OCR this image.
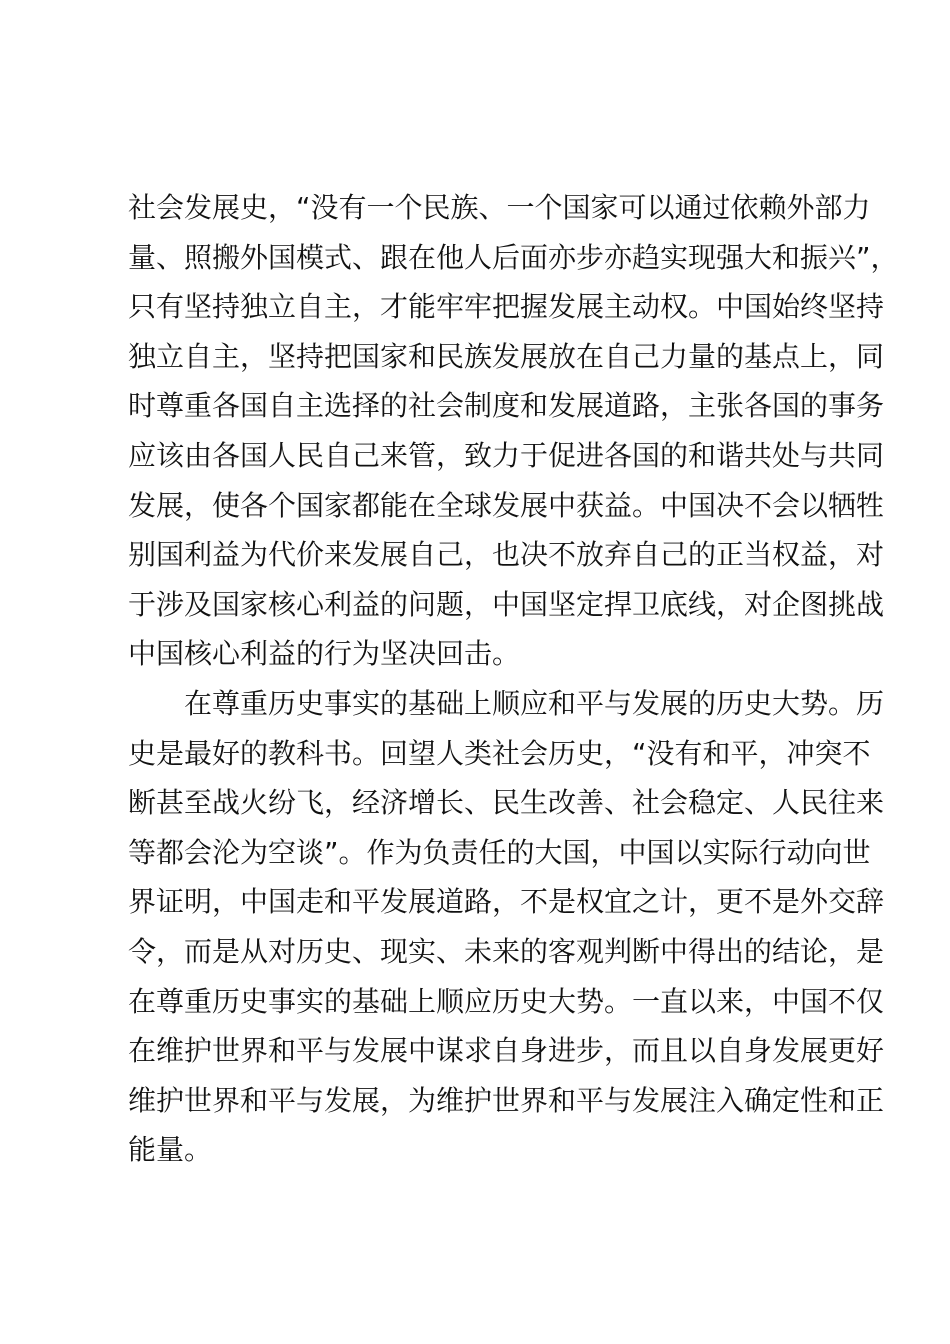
社会发展史，“没有一个民族、一个国家可以通过依赖外部力
量、照搬外国模式、跟在他人后面亦步亦趋实现强大和振兴”，
只有坚持独立自主，才能牢牢把握发展主动权。中国始终坚持
独立自主，坚持把国家和民族发展放在自己力量的基点上，同
时尊重各国自主选择的社会制度和发展道路，主张各国的事务
应该由各国人民自己来管，致力于促进各国的和谐共处与共同
发展，使各个国家都能在全球发展中获益。中国决不会以牺牲
别国利益为代价来发展自己，也决不放弃自己的正当权益，对
于涉及国家核心利益的问题，中国坚定捍卫底线，对企图挑战
中国核心利益的行为坚决回击。
在尊重历史事实的基础上顺应和平与发展的历史大势。历
史是最好的教科书。回望人类社会历史，“没有和平，冲突不
断甚至战火纷飞，经济增长、民生改善、社会稳定、人民往来
等都会沦为空谈”。作为负责任的大国，中国以实际行动向世
界证明，中国走和平发展道路，不是权宜之计，更不是外交辞
令，而是从对历史、现实、未来的客观判断中得出的结论，是
在尊重历史事实的基础上顺应历史大势。一直以来，中国不仅
在维护世界和平与发展中谋求自身进步，而且以自身发展更好
维护世界和平与发展，为维护世界和平与发展注入确定性和正
能量。
